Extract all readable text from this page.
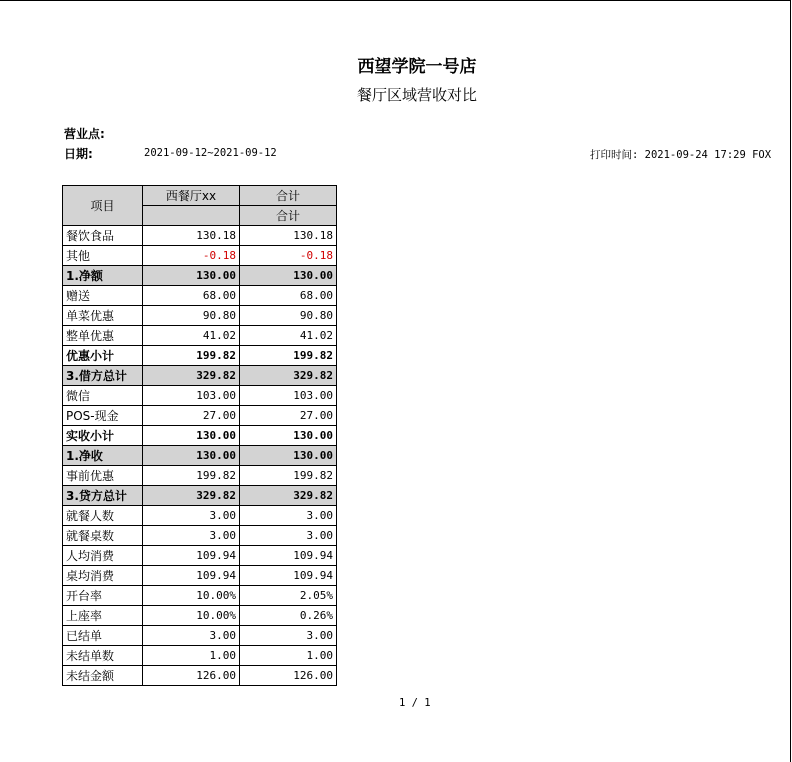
西望学院一号店
餐厅区域营收对比
营业点:
日期:	2021-09-12~2021-09-12	打印时间: 2021-09-24 17:29 FOX
项目	西餐厅xx	合计
		合计
餐饮食品	130.18	130.18
其他	-0.18	-0.18
1.净额	130.00	130.00
赠送	68.00	68.00
单菜优惠	90.80	90.80
整单优惠	41.02	41.02
优惠小计	199.82	199.82
3.借方总计	329.82	329.82
微信	103.00	103.00
POS-现金	27.00	27.00
实收小计	130.00	130.00
1.净收	130.00	130.00
事前优惠	199.82	199.82
3.贷方总计	329.82	329.82
就餐人数	3.00	3.00
就餐桌数	3.00	3.00
人均消费	109.94	109.94
桌均消费	109.94	109.94
开台率	10.00%	2.05%
上座率	10.00%	0.26%
已结单	3.00	3.00
未结单数	1.00	1.00
未结金额	126.00	126.00
1 / 1
